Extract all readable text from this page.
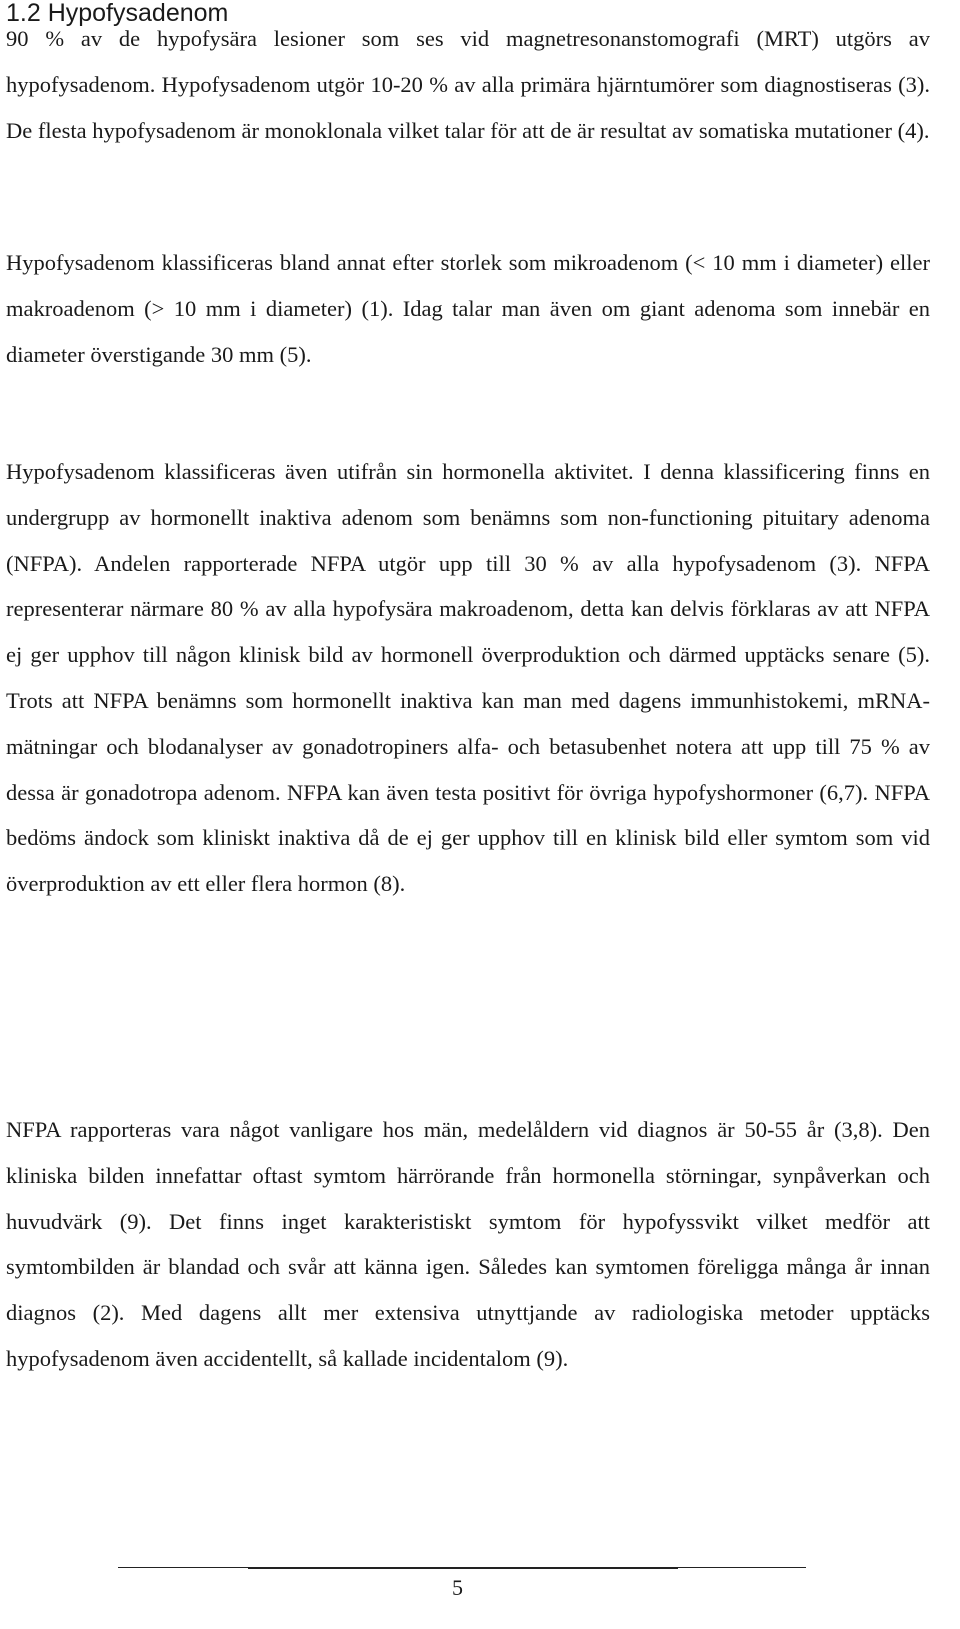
1.2 Hypofysadenom

90 % av de hypofysära lesioner som ses vid magnetresonanstomografi (MRT) utgörs av hypofysadenom. Hypofysadenom utgör 10-20 % av alla primära hjärntumörer som diagnostiseras (3). De flesta hypofysadenom är monoklonala vilket talar för att de är resultat av somatiska mutationer (4).

Hypofysadenom klassificeras bland annat efter storlek som mikroadenom (< 10 mm i diameter) eller makroadenom (> 10 mm i diameter) (1). Idag talar man även om giant adenoma som innebär en diameter överstigande 30 mm (5).

Hypofysadenom klassificeras även utifrån sin hormonella aktivitet. I denna klassificering finns en undergrupp av hormonellt inaktiva adenom som benämns som non-functioning pituitary adenoma (NFPA). Andelen rapporterade NFPA utgör upp till 30 % av alla hypofysadenom (3). NFPA representerar närmare 80 % av alla hypofysära makroadenom, detta kan delvis förklaras av att NFPA ej ger upphov till någon klinisk bild av hormonell överproduktion och därmed upptäcks senare (5). Trots att NFPA benämns som hormonellt inaktiva kan man med dagens immunhistokemi, mRNA-mätningar och blodanalyser av gonadotropiners alfa- och betasubenhet notera att upp till 75 % av dessa är gonadotropa adenom. NFPA kan även testa positivt för övriga hypofyshormoner (6,7). NFPA bedöms ändock som kliniskt inaktiva då de ej ger upphov till en klinisk bild eller symtom som vid överproduktion av ett eller flera hormon (8).

NFPA rapporteras vara något vanligare hos män, medelåldern vid diagnos är 50-55 år (3,8). Den kliniska bilden innefattar oftast symtom härrörande från hormonella störningar, synpåverkan och huvudvärk (9). Det finns inget karakteristiskt symtom för hypofyssvikt vilket medför att symtombilden är blandad och svår att känna igen. Således kan symtomen föreligga många år innan diagnos (2). Med dagens allt mer extensiva utnyttjande av radiologiska metoder upptäcks hypofysadenom även accidentellt, så kallade incidentalom (9).

5
